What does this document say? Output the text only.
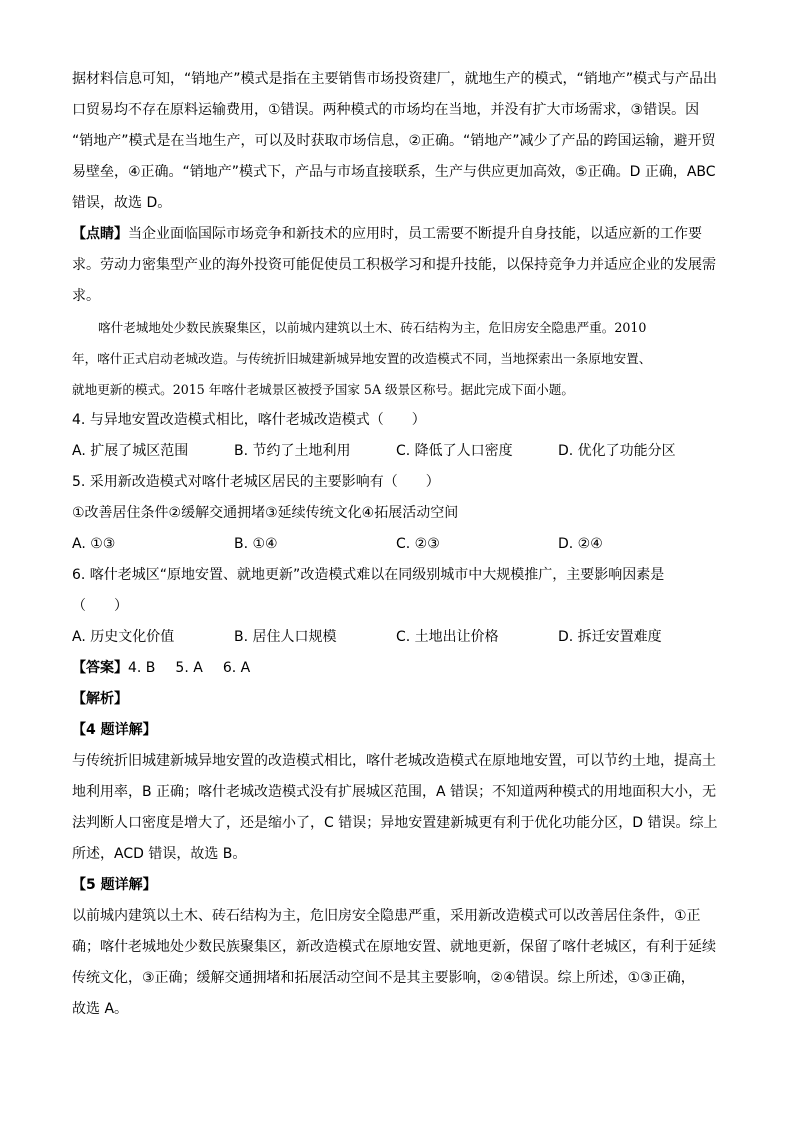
据材料信息可知，“销地产”模式是指在主要销售市场投资建厂，就地生产的模式，“销地产”模式与产品出

口贸易均不存在原料运输费用，①错误。两种模式的市场均在当地，并没有扩大市场需求，③错误。因

“销地产”模式是在当地生产，可以及时获取市场信息，②正确。“销地产”减少了产品的跨国运输，避开贸

易壁垒，④正确。“销地产”模式下，产品与市场直接联系，生产与供应更加高效，⑤正确。D 正确，ABC

错误，故选 D。

【点睛】当企业面临国际市场竞争和新技术的应用时，员工需要不断提升自身技能，以适应新的工作要

求。劳动力密集型产业的海外投资可能促使员工积极学习和提升技能，以保持竞争力并适应企业的发展需

求。

喀什老城地处少数民族聚集区，以前城内建筑以土木、砖石结构为主，危旧房安全隐患严重。2010

年，喀什正式启动老城改造。与传统折旧城建新城异地安置的改造模式不同，当地探索出一条原地安置、

就地更新的模式。2015 年喀什老城景区被授予国家 5A 级景区称号。据此完成下面小题。

4. 与异地安置改造模式相比，喀什老城改造模式（　　）

A. 扩展了城区范围	B. 节约了土地利用	C. 降低了人口密度	D. 优化了功能分区

5. 采用新改造模式对喀什老城区居民的主要影响有（　　）

①改善居住条件②缓解交通拥堵③延续传统文化④拓展活动空间

A. ①③	B. ①④	C. ②③	D. ②④

6. 喀什老城区“原地安置、就地更新”改造模式难以在同级别城市中大规模推广，主要影响因素是

（　　）

A. 历史文化价值	B. 居住人口规模	C. 土地出让价格	D. 拆迁安置难度
【答案】 4. B 5. A 6. A

【解析】

【4 题详解】

与传统折旧城建新城异地安置的改造模式相比，喀什老城改造模式在原地地安置，可以节约土地，提高土

地利用率，B 正确；喀什老城改造模式没有扩展城区范围，A 错误；不知道两种模式的用地面积大小，无

法判断人口密度是增大了，还是缩小了，C 错误；异地安置建新城更有利于优化功能分区，D 错误。综上

所述，ACD 错误，故选 B。

【5 题详解】

以前城内建筑以土木、砖石结构为主，危旧房安全隐患严重，采用新改造模式可以改善居住条件，①正

确；喀什老城地处少数民族聚集区，新改造模式在原地安置、就地更新，保留了喀什老城区，有利于延续

传统文化，③正确；缓解交通拥堵和拓展活动空间不是其主要影响，②④错误。综上所述，①③正确，

故选 A。
